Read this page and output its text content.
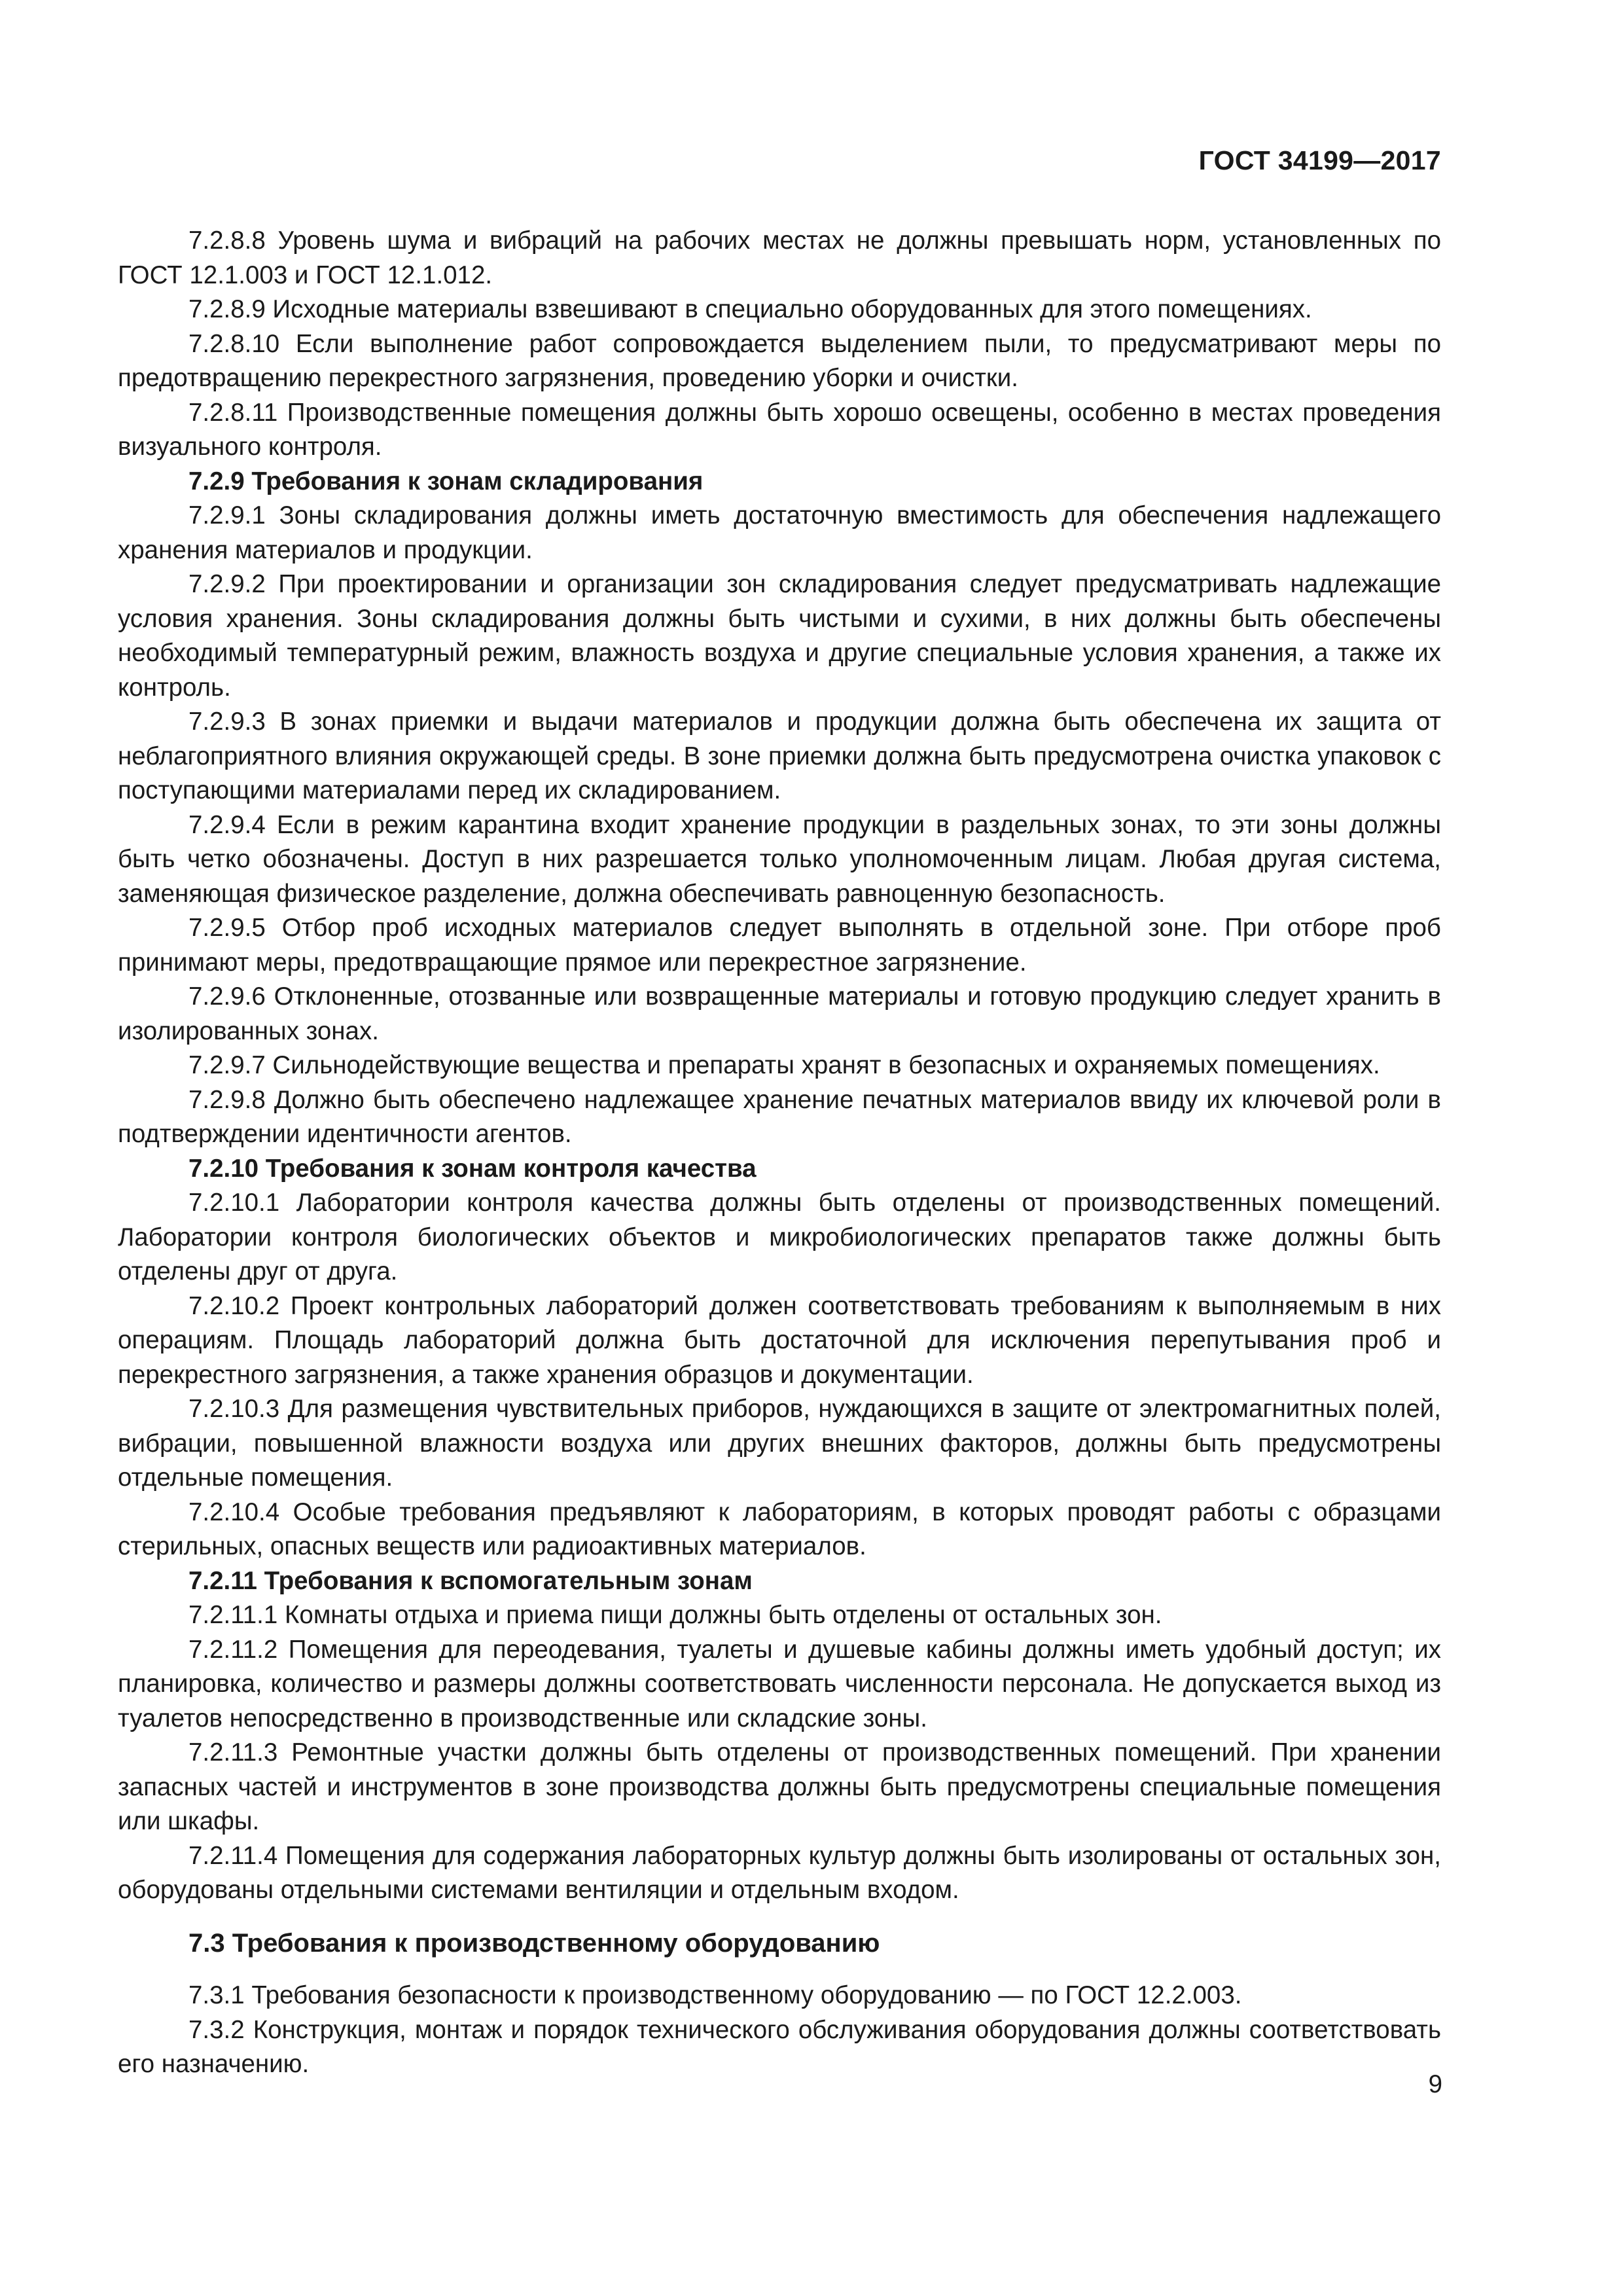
ГОСТ 34199—2017

7.2.8.8 Уровень шума и вибраций на рабочих местах не должны превышать норм, установленных по ГОСТ 12.1.003 и ГОСТ 12.1.012.

7.2.8.9 Исходные материалы взвешивают в специально оборудованных для этого помещениях.

7.2.8.10 Если выполнение работ сопровождается выделением пыли, то предусматривают меры по предотвращению перекрестного загрязнения, проведению уборки и очистки.

7.2.8.11 Производственные помещения должны быть хорошо освещены, особенно в местах проведения визуального контроля.

7.2.9 Требования к зонам складирования

7.2.9.1 Зоны складирования должны иметь достаточную вместимость для обеспечения надлежащего хранения материалов и продукции.

7.2.9.2 При проектировании и организации зон складирования следует предусматривать надлежащие условия хранения. Зоны складирования должны быть чистыми и сухими, в них должны быть обеспечены необходимый температурный режим, влажность воздуха и другие специальные условия хранения, а также их контроль.

7.2.9.3 В зонах приемки и выдачи материалов и продукции должна быть обеспечена их защита от неблагоприятного влияния окружающей среды. В зоне приемки должна быть предусмотрена очистка упаковок с поступающими материалами перед их складированием.

7.2.9.4 Если в режим карантина входит хранение продукции в раздельных зонах, то эти зоны должны быть четко обозначены. Доступ в них разрешается только уполномоченным лицам. Любая другая система, заменяющая физическое разделение, должна обеспечивать равноценную безопасность.

7.2.9.5 Отбор проб исходных материалов следует выполнять в отдельной зоне. При отборе проб принимают меры, предотвращающие прямое или перекрестное загрязнение.

7.2.9.6 Отклоненные, отозванные или возвращенные материалы и готовую продукцию следует хранить в изолированных зонах.

7.2.9.7 Сильнодействующие вещества и препараты хранят в безопасных и охраняемых помещениях.

7.2.9.8 Должно быть обеспечено надлежащее хранение печатных материалов ввиду их ключевой роли в подтверждении идентичности агентов.

7.2.10 Требования к зонам контроля качества

7.2.10.1 Лаборатории контроля качества должны быть отделены от производственных помещений. Лаборатории контроля биологических объектов и микробиологических препаратов также должны быть отделены друг от друга.

7.2.10.2 Проект контрольных лабораторий должен соответствовать требованиям к выполняемым в них операциям. Площадь лабораторий должна быть достаточной для исключения перепутывания проб и перекрестного загрязнения, а также хранения образцов и документации.

7.2.10.3 Для размещения чувствительных приборов, нуждающихся в защите от электромагнитных полей, вибрации, повышенной влажности воздуха или других внешних факторов, должны быть предусмотрены отдельные помещения.

7.2.10.4 Особые требования предъявляют к лабораториям, в которых проводят работы с образцами стерильных, опасных веществ или радиоактивных материалов.

7.2.11 Требования к вспомогательным зонам

7.2.11.1 Комнаты отдыха и приема пищи должны быть отделены от остальных зон.

7.2.11.2 Помещения для переодевания, туалеты и душевые кабины должны иметь удобный доступ; их планировка, количество и размеры должны соответствовать численности персонала. Не допускается выход из туалетов непосредственно в производственные или складские зоны.

7.2.11.3 Ремонтные участки должны быть отделены от производственных помещений. При хранении запасных частей и инструментов в зоне производства должны быть предусмотрены специальные помещения или шкафы.

7.2.11.4 Помещения для содержания лабораторных культур должны быть изолированы от остальных зон, оборудованы отдельными системами вентиляции и отдельным входом.

7.3 Требования к производственному оборудованию

7.3.1 Требования безопасности к производственному оборудованию — по ГОСТ 12.2.003.

7.3.2 Конструкция, монтаж и порядок технического обслуживания оборудования должны соответствовать его назначению.

9
